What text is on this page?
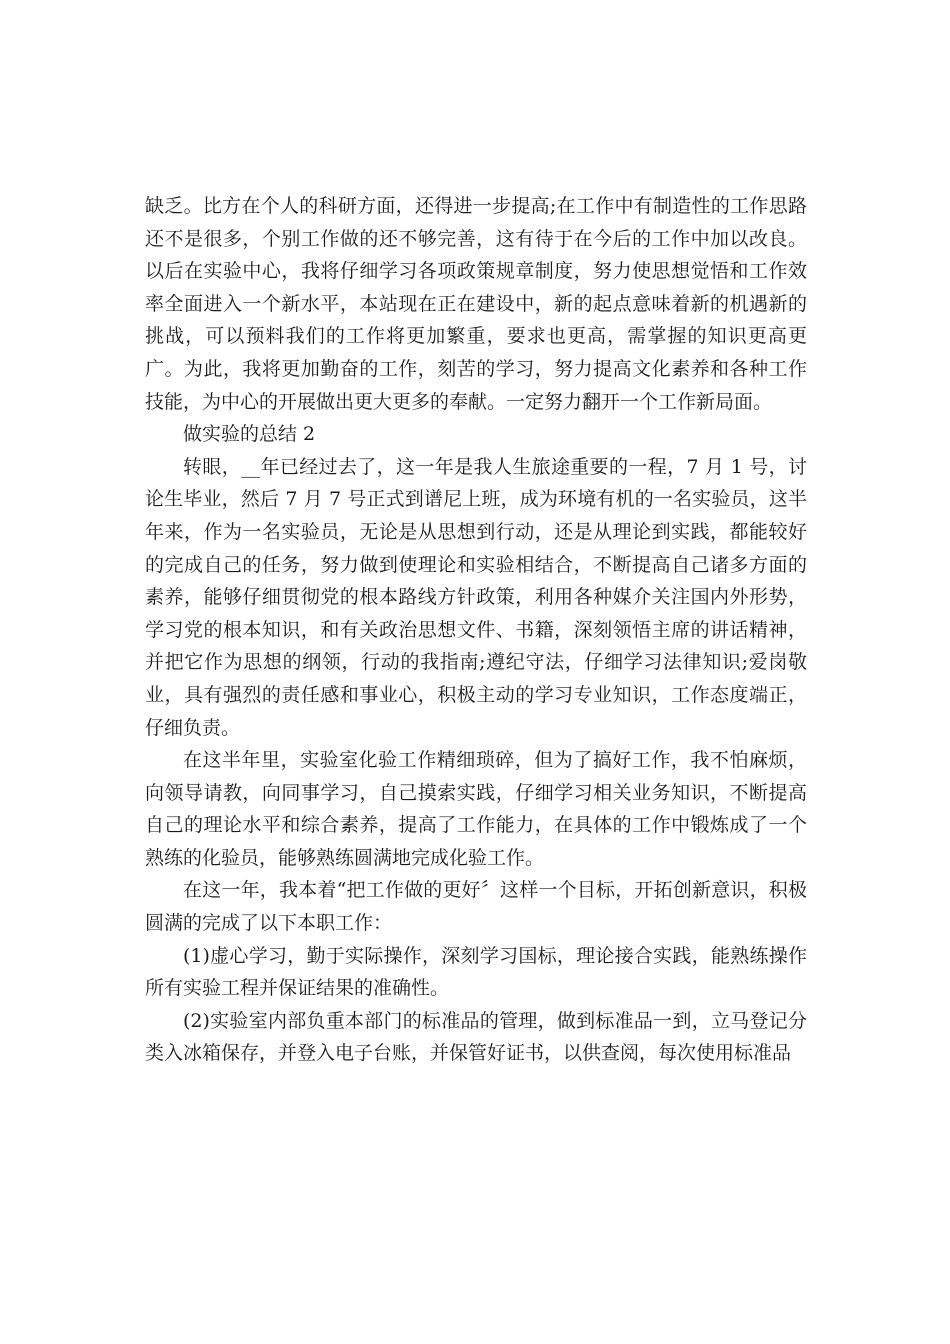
缺乏。比方在个人的科研方面，还得进一步提高;在工作中有制造性的工作思路还不是很多，个别工作做的还不够完善，这有待于在今后的工作中加以改良。以后在实验中心，我将仔细学习各项政策规章制度，努力使思想觉悟和工作效率全面进入一个新水平，本站现在正在建设中，新的起点意味着新的机遇新的挑战，可以预料我们的工作将更加繁重，要求也更高，需掌握的知识更高更广。为此，我将更加勤奋的工作，刻苦的学习，努力提高文化素养和各种工作技能，为中心的开展做出更大更多的奉献。一定努力翻开一个工作新局面。

做实验的总结 2

转眼，__年已经过去了，这一年是我人生旅途重要的一程，7 月 1 号，讨论生毕业，然后 7 月 7 号正式到谱尼上班，成为环境有机的一名实验员，这半年来，作为一名实验员，无论是从思想到行动，还是从理论到实践，都能较好的完成自己的任务，努力做到使理论和实验相结合，不断提高自己诸多方面的素养，能够仔细贯彻党的根本路线方针政策，利用各种媒介关注国内外形势，学习党的根本知识，和有关政治思想文件、书籍，深刻领悟主席的讲话精神，并把它作为思想的纲领，行动的我指南;遵纪守法，仔细学习法律知识;爱岗敬业，具有强烈的责任感和事业心，积极主动的学习专业知识，工作态度端正，仔细负责。

在这半年里，实验室化验工作精细琐碎，但为了搞好工作，我不怕麻烦，向领导请教，向同事学习，自己摸索实践，仔细学习相关业务知识，不断提高自己的理论水平和综合素养，提高了工作能力，在具体的工作中锻炼成了一个熟练的化验员，能够熟练圆满地完成化验工作。

在这一年，我本着“把工作做的更好〞这样一个目标，开拓创新意识，积极圆满的完成了以下本职工作：

(1)虚心学习，勤于实际操作，深刻学习国标，理论接合实践，能熟练操作所有实验工程并保证结果的准确性。

(2)实验室内部负重本部门的标准品的管理，做到标准品一到，立马登记分类入冰箱保存，并登入电子台账，并保管好证书，以供查阅，每次使用标准品
